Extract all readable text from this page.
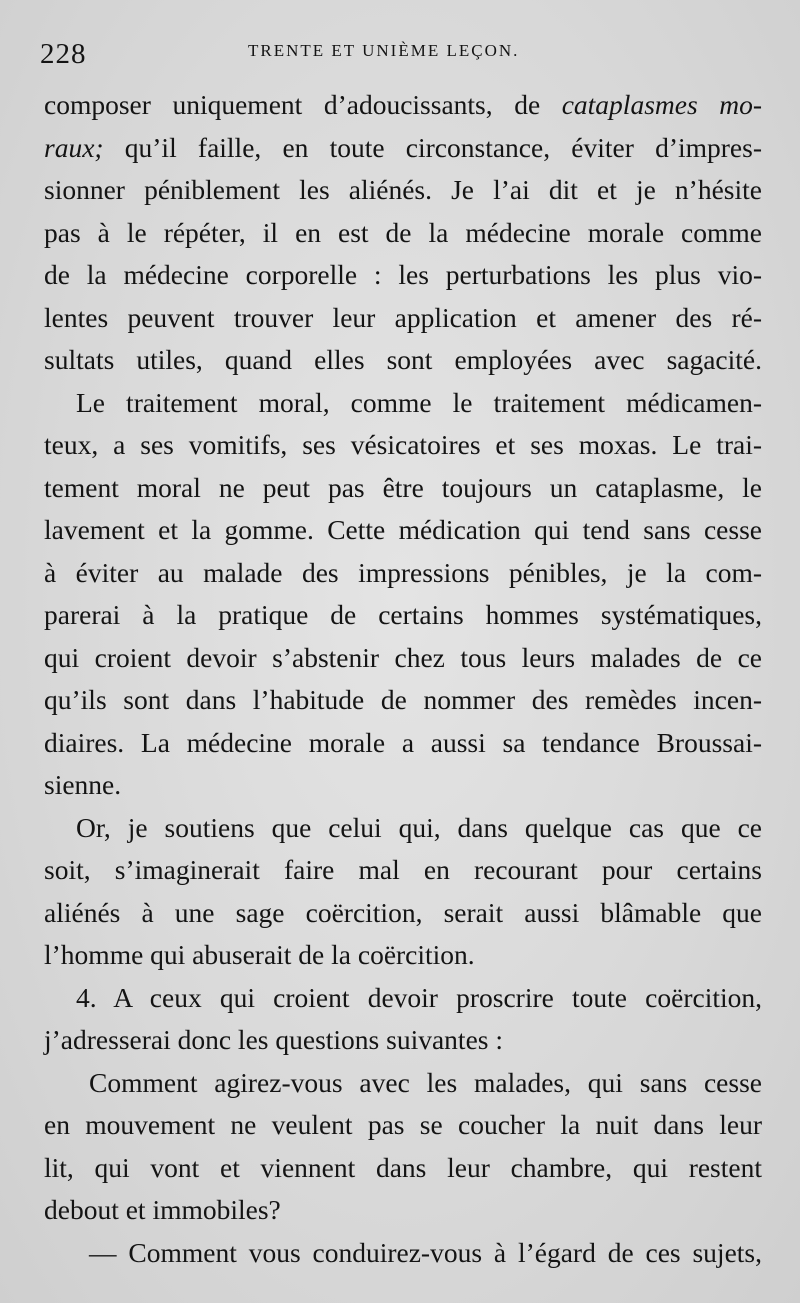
228	TRENTE ET UNIÈME LEÇON.
composer uniquement d’adoucissants, de cataplasmes mo-
raux; qu’il faille, en toute circonstance, éviter d’impres-
sionner péniblement les aliénés. Je l’ai dit et je n’hésite
pas à le répéter, il en est de la médecine morale comme
de la médecine corporelle : les perturbations les plus vio-
lentes peuvent trouver leur application et amener des ré-
sultats utiles, quand elles sont employées avec sagacité.
Le traitement moral, comme le traitement médicamen-
teux, a ses vomitifs, ses vésicatoires et ses moxas. Le trai-
tement moral ne peut pas être toujours un cataplasme, le
lavement et la gomme. Cette médication qui tend sans cesse
à éviter au malade des impressions pénibles, je la com-
parerai à la pratique de certains hommes systématiques,
qui croient devoir s’abstenir chez tous leurs malades de ce
qu’ils sont dans l’habitude de nommer des remèdes incen-
diaires. La médecine morale a aussi sa tendance Broussai-
sienne.
Or, je soutiens que celui qui, dans quelque cas que ce
soit, s’imaginerait faire mal en recourant pour certains
aliénés à une sage coërcition, serait aussi blâmable que
l’homme qui abuserait de la coërcition.
4. A ceux qui croient devoir proscrire toute coërcition,
j’adresserai donc les questions suivantes :
Comment agirez-vous avec les malades, qui sans cesse
en mouvement ne veulent pas se coucher la nuit dans leur
lit, qui vont et viennent dans leur chambre, qui restent
debout et immobiles?
— Comment vous conduirez-vous à l’égard de ces sujets,
